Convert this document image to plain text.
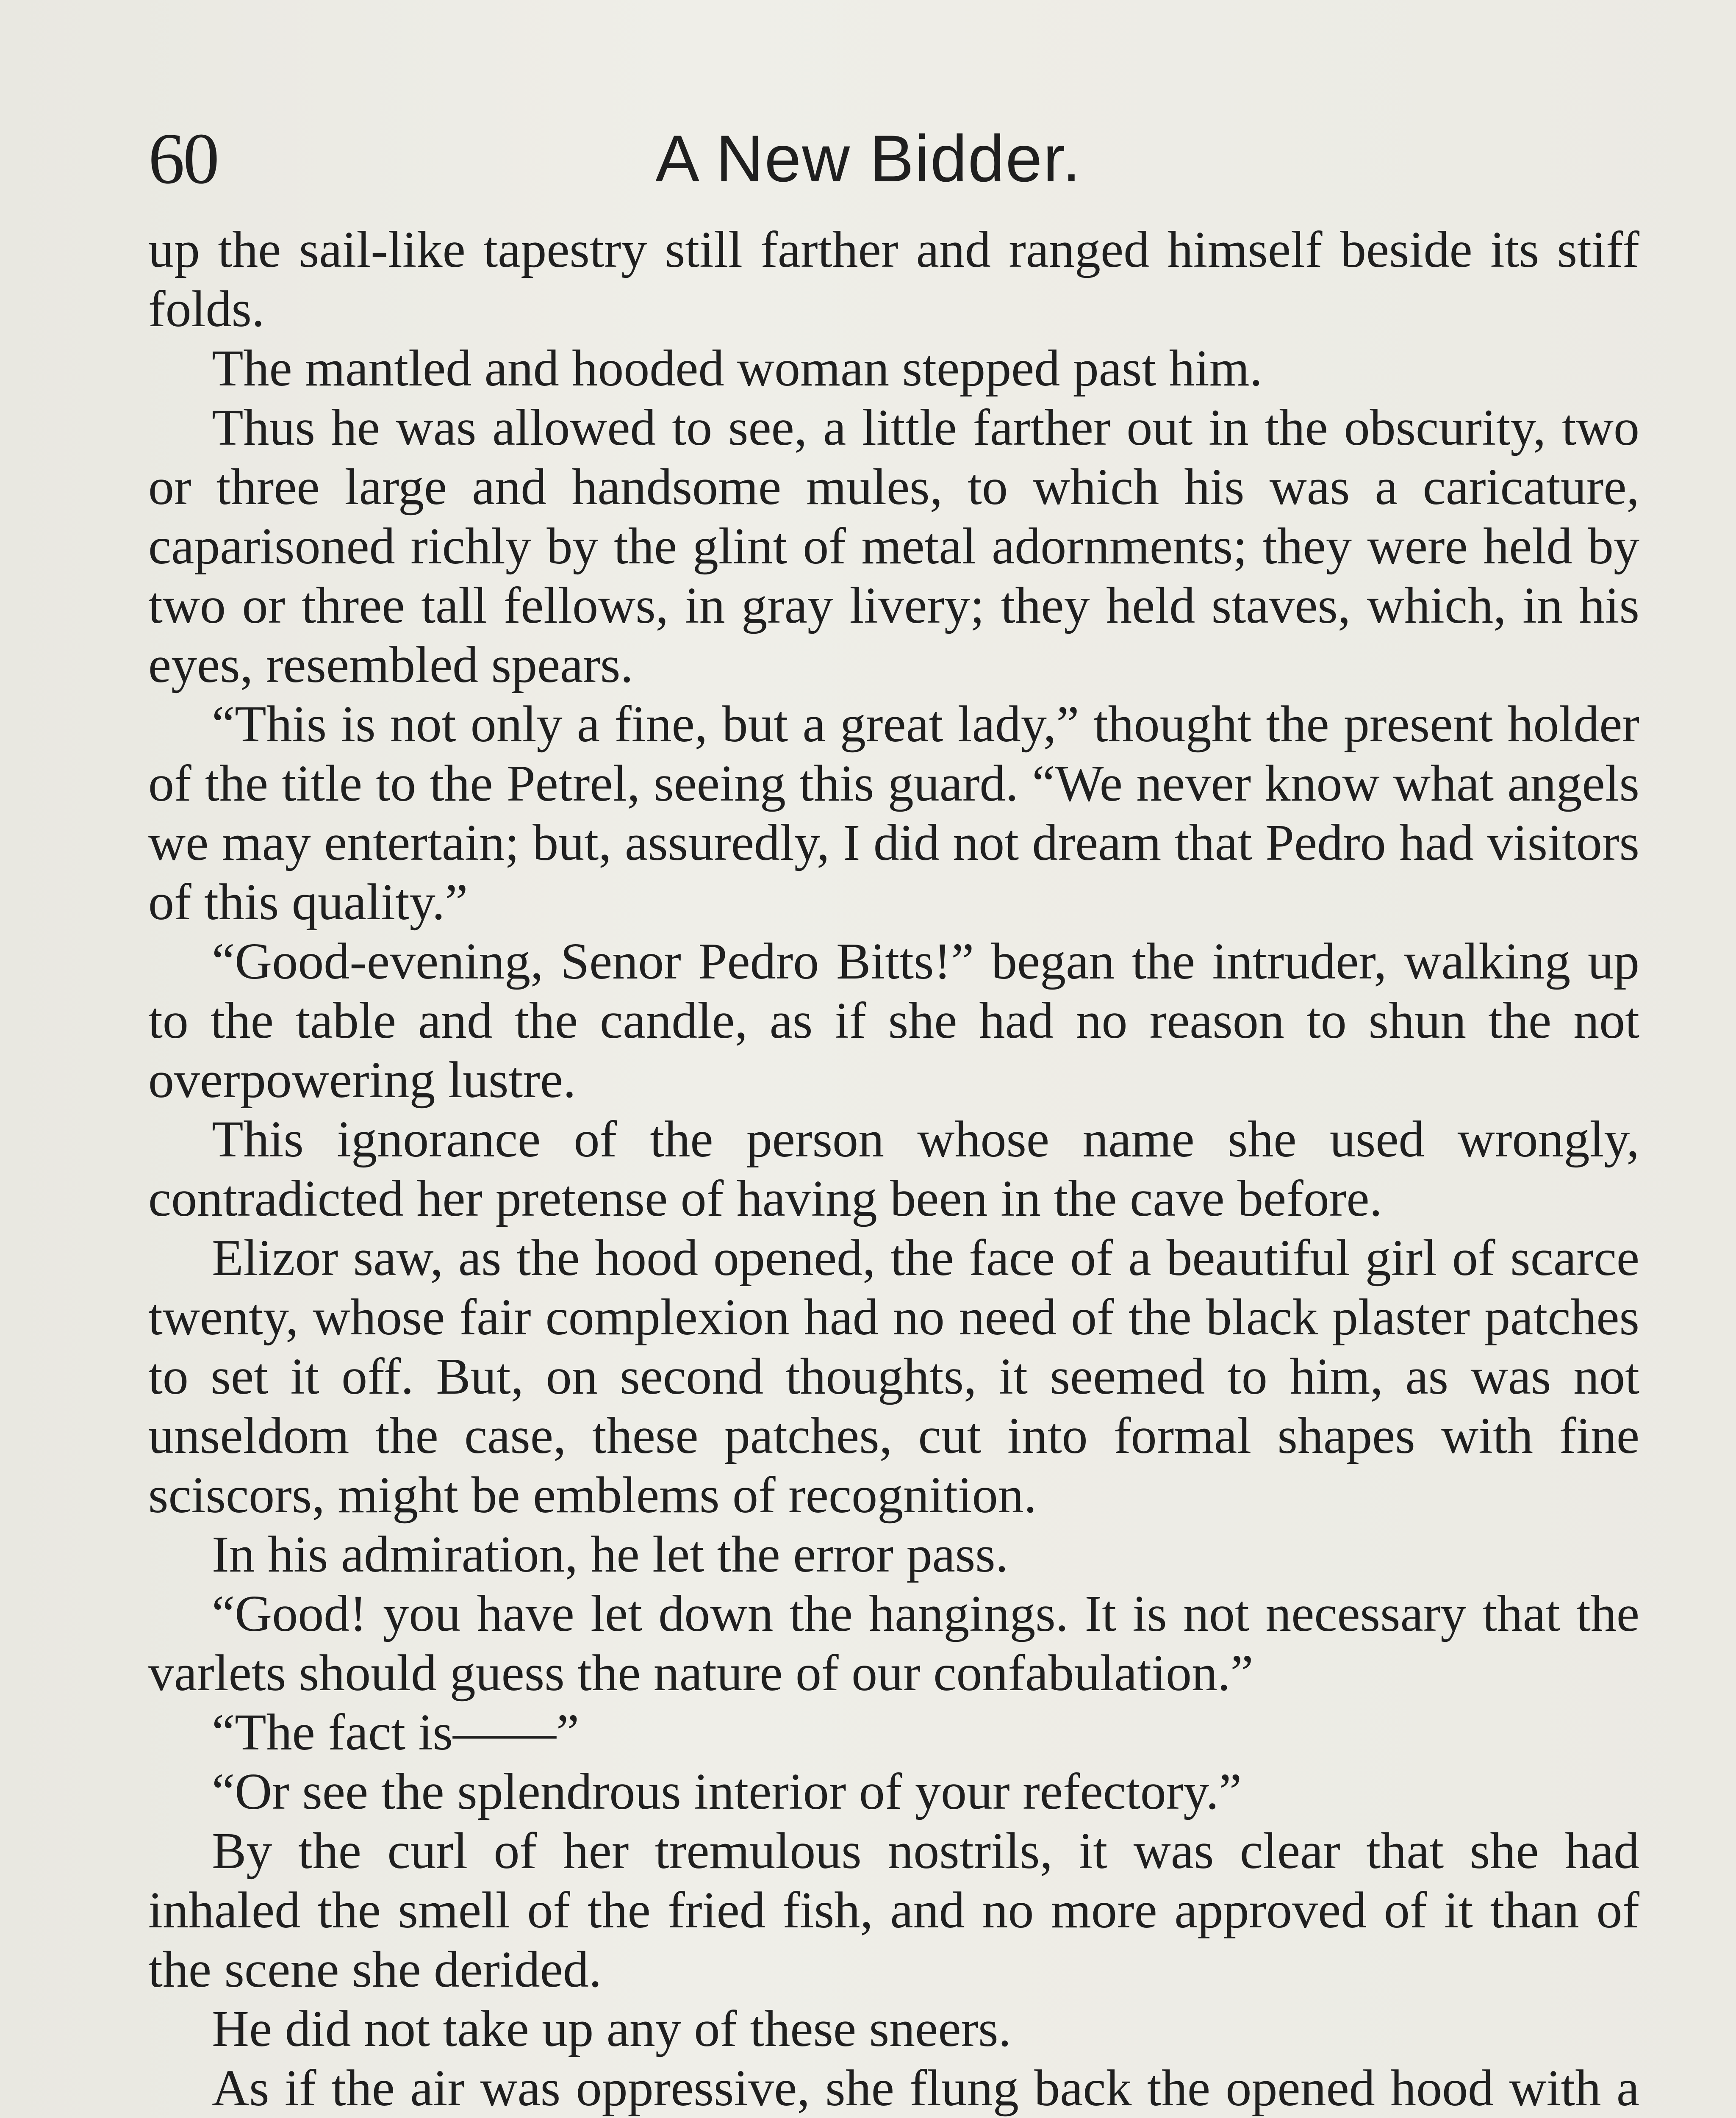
60	A New Bidder.

up the sail-like tapestry still farther and ranged himself beside its stiff folds.

The mantled and hooded woman stepped past him.

Thus he was allowed to see, a little farther out in the obscurity, two or three large and handsome mules, to which his was a caricature, caparisoned richly by the glint of metal adornments; they were held by two or three tall fellows, in gray livery; they held staves, which, in his eyes, resembled spears.

“This is not only a fine, but a great lady,” thought the present holder of the title to the Petrel, seeing this guard. “We never know what angels we may entertain; but, assuredly, I did not dream that Pedro had visitors of this quality.”

“Good-evening, Senor Pedro Bitts!” began the intruder, walking up to the table and the candle, as if she had no reason to shun the not overpowering lustre.

This ignorance of the person whose name she used wrongly, contradicted her pretense of having been in the cave before.

Elizor saw, as the hood opened, the face of a beautiful girl of scarce twenty, whose fair complexion had no need of the black plaster patches to set it off. But, on second thoughts, it seemed to him, as was not unseldom the case, these patches, cut into formal shapes with fine sciscors, might be emblems of recognition.

In his admiration, he let the error pass.

“Good! you have let down the hangings. It is not necessary that the varlets should guess the nature of our confabulation.”

“The fact is——”

“Or see the splendrous interior of your refectory.”

By the curl of her tremulous nostrils, it was clear that she had inhaled the smell of the fried fish, and no more approved of it than of the scene she derided.

He did not take up any of these sneers.

As if the air was oppressive, she flung back the opened hood with a
